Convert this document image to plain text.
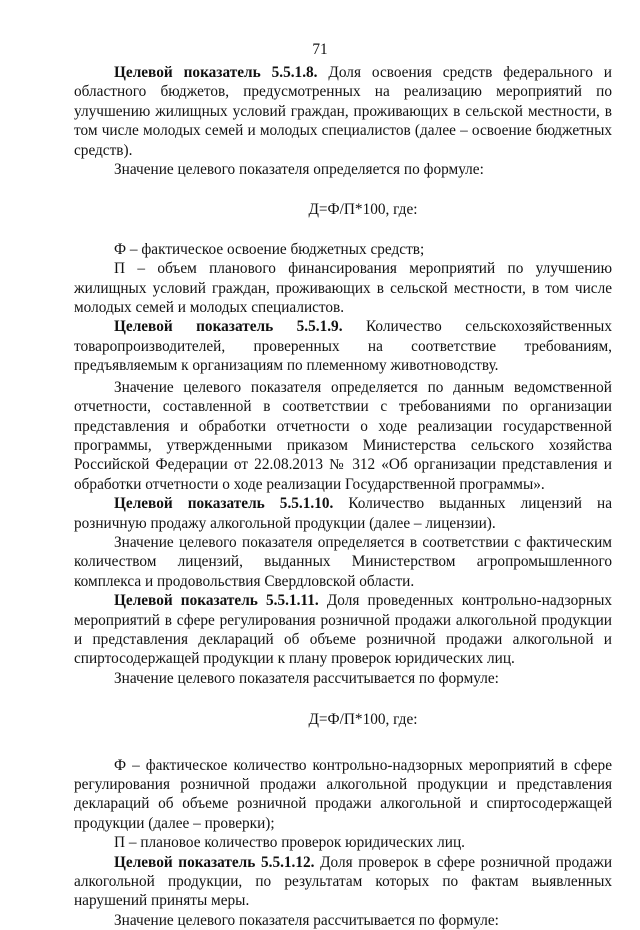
71

Целевой показатель 5.5.1.8. Доля освоения средств федерального и областного бюджетов, предусмотренных на реализацию мероприятий по улучшению жилищных условий граждан, проживающих в сельской местности, в том числе молодых семей и молодых специалистов (далее – освоение бюджетных средств).

Значение целевого показателя определяется по формуле:

Д=Ф/П*100, где:

Ф – фактическое освоение бюджетных средств;

П – объем планового финансирования мероприятий по улучшению жилищных условий граждан, проживающих в сельской местности, в том числе молодых семей и молодых специалистов.

Целевой показатель 5.5.1.9. Количество сельскохозяйственных товаропроизводителей, проверенных на соответствие требованиям, предъявляемым к организациям по племенному животноводству.

Значение целевого показателя определяется по данным ведомственной отчетности, составленной в соответствии с требованиями по организации представления и обработки отчетности о ходе реализации государственной программы, утвержденными приказом Министерства сельского хозяйства Российской Федерации от 22.08.2013 № 312 «Об организации представления и обработки отчетности о ходе реализации Государственной программы».

Целевой показатель 5.5.1.10. Количество выданных лицензий на розничную продажу алкогольной продукции (далее – лицензии).

Значение целевого показателя определяется в соответствии с фактическим количеством лицензий, выданных Министерством агропромышленного комплекса и продовольствия Свердловской области.

Целевой показатель 5.5.1.11. Доля проведенных контрольно-надзорных мероприятий в сфере регулирования розничной продажи алкогольной продукции и представления деклараций об объеме розничной продажи алкогольной и спиртосодержащей продукции к плану проверок юридических лиц.

Значение целевого показателя рассчитывается по формуле:

Д=Ф/П*100, где:

Ф – фактическое количество контрольно-надзорных мероприятий в сфере регулирования розничной продажи алкогольной продукции и представления деклараций об объеме розничной продажи алкогольной и спиртосодержащей продукции (далее – проверки);

П – плановое количество проверок юридических лиц.

Целевой показатель 5.5.1.12. Доля проверок в сфере розничной продажи алкогольной продукции, по результатам которых по фактам выявленных нарушений приняты меры.

Значение целевого показателя рассчитывается по формуле:
